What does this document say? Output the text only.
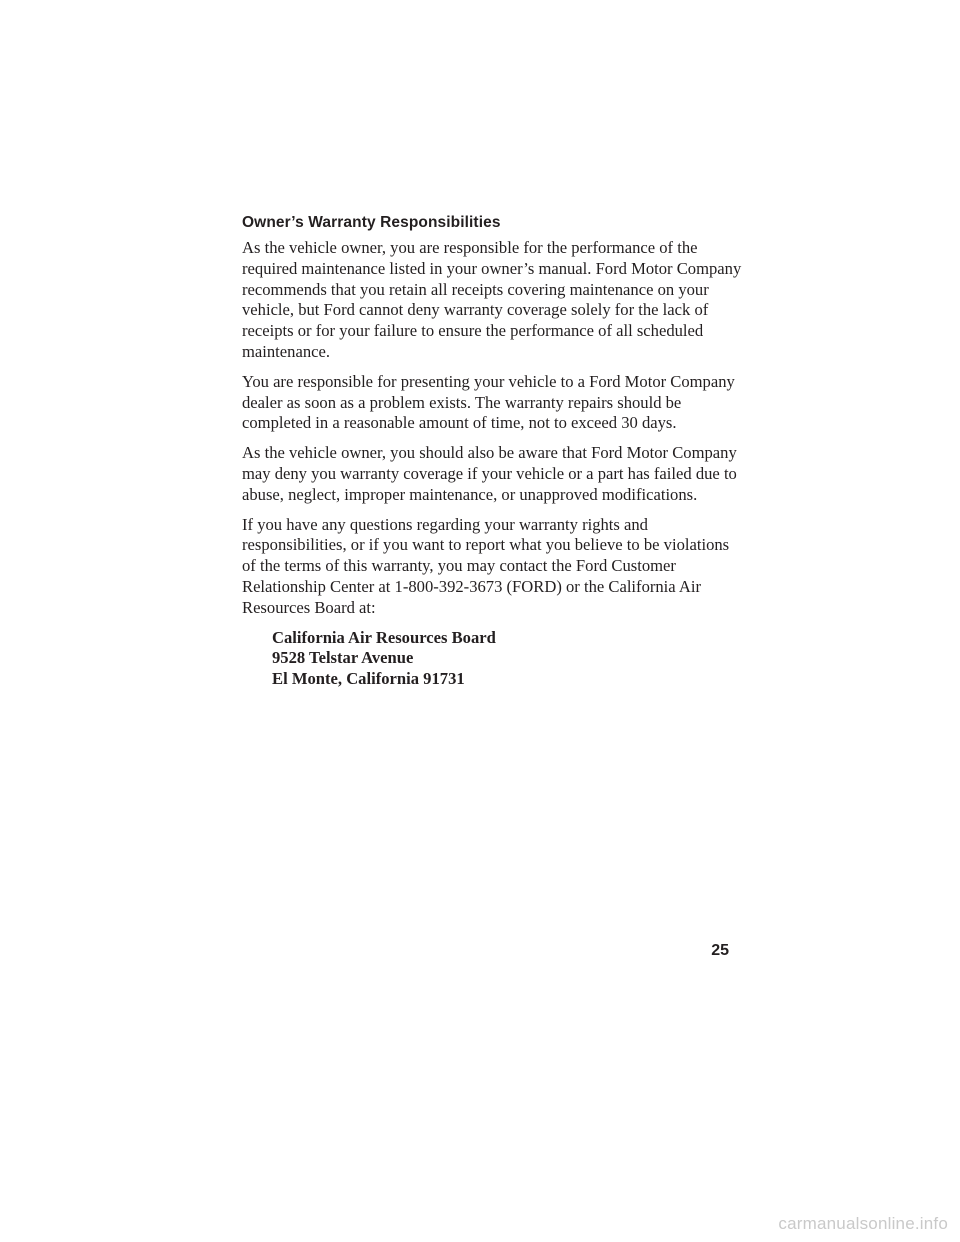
Owner’s Warranty Responsibilities

As the vehicle owner, you are responsible for the performance of the required maintenance listed in your owner’s manual. Ford Motor Company recommends that you retain all receipts covering maintenance on your vehicle, but Ford cannot deny warranty coverage solely for the lack of receipts or for your failure to ensure the performance of all scheduled maintenance.

You are responsible for presenting your vehicle to a Ford Motor Company dealer as soon as a problem exists. The warranty repairs should be completed in a reasonable amount of time, not to exceed 30 days.

As the vehicle owner, you should also be aware that Ford Motor Company may deny you warranty coverage if your vehicle or a part has failed due to abuse, neglect, improper maintenance, or unapproved modifications.

If you have any questions regarding your warranty rights and responsibilities, or if you want to report what you believe to be violations of the terms of this warranty, you may contact the Ford Customer Relationship Center at 1-800-392-3673 (FORD) or the California Air Resources Board at:

California Air Resources Board
9528 Telstar Avenue
El Monte, California 91731
25
carmanualsonline.info
